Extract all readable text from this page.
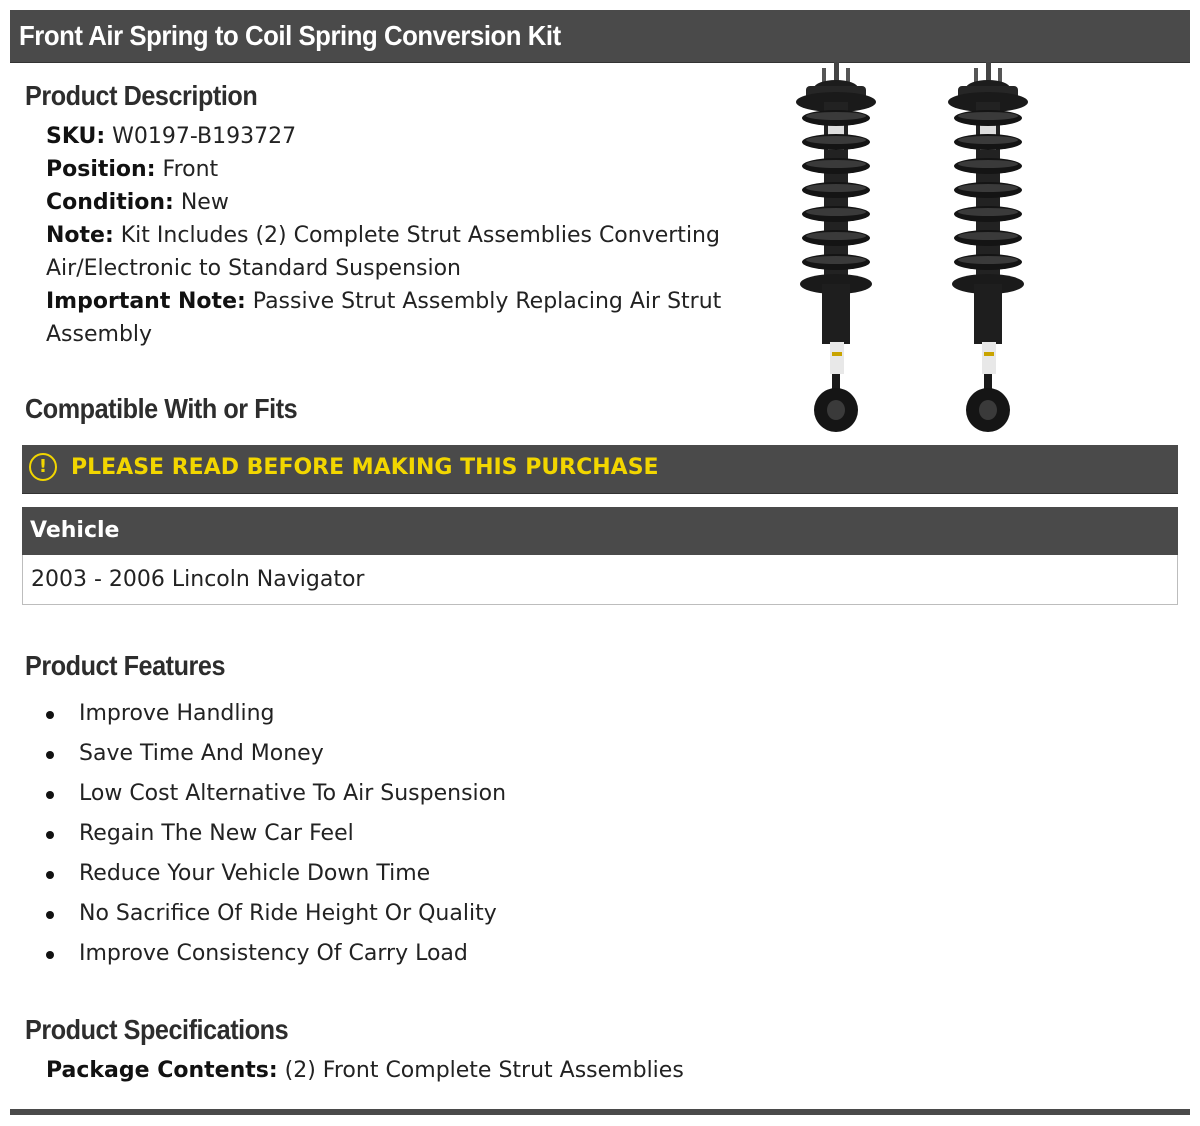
Front Air Spring to Coil Spring Conversion Kit
Product Description

SKU: W0197-B193727

Position: Front

Condition: New

Note: Kit Includes (2) Complete Strut Assemblies Converting Air/Electronic to Standard Suspension

Important Note: Passive Strut Assembly Replacing Air Strut Assembly

Compatible With or Fits
!	PLEASE READ BEFORE MAKING THIS PURCHASE
Vehicle
2003 - 2006 Lincoln Navigator
Product Features
Improve Handling
Save Time And Money
Low Cost Alternative To Air Suspension
Regain The New Car Feel
Reduce Your Vehicle Down Time
No Sacrifice Of Ride Height Or Quality
Improve Consistency Of Carry Load
Product Specifications
Package Contents: (2) Front Complete Strut Assemblies
